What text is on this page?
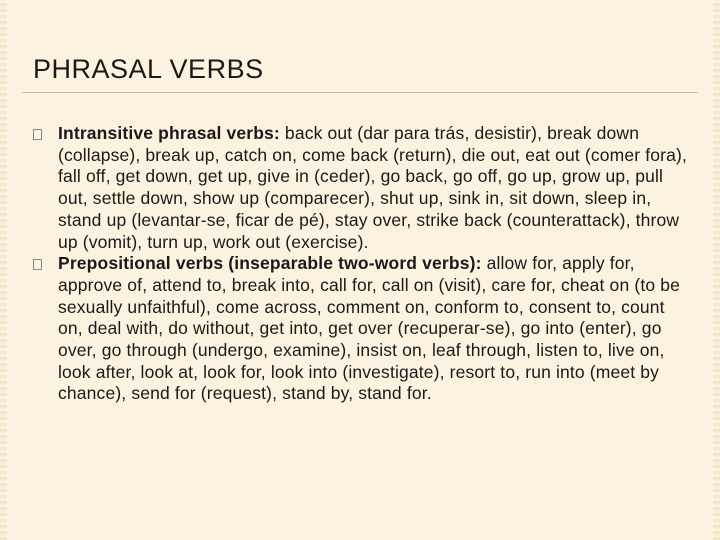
PHRASAL VERBS
Intransitive phrasal verbs: back out (dar para trás, desistir), break down (collapse), break up, catch on, come back (return), die out, eat out (comer fora), fall off, get down, get up, give in (ceder), go back, go off, go up, grow up, pull out, settle down, show up (comparecer), shut up, sink in, sit down, sleep in, stand up (levantar-se, ficar de pé), stay over, strike back (counterattack), throw up (vomit), turn up, work out (exercise).
Prepositional verbs (inseparable two-word verbs): allow for, apply for, approve of, attend to, break into, call for, call on (visit), care for, cheat on (to be sexually unfaithful), come across, comment on, conform to, consent to, count on, deal with, do without, get into, get over (recuperar-se), go into (enter), go over, go through (undergo, examine), insist on, leaf through, listen to, live on, look after, look at, look for, look into (investigate), resort to, run into (meet by chance), send for (request), stand by, stand for.
